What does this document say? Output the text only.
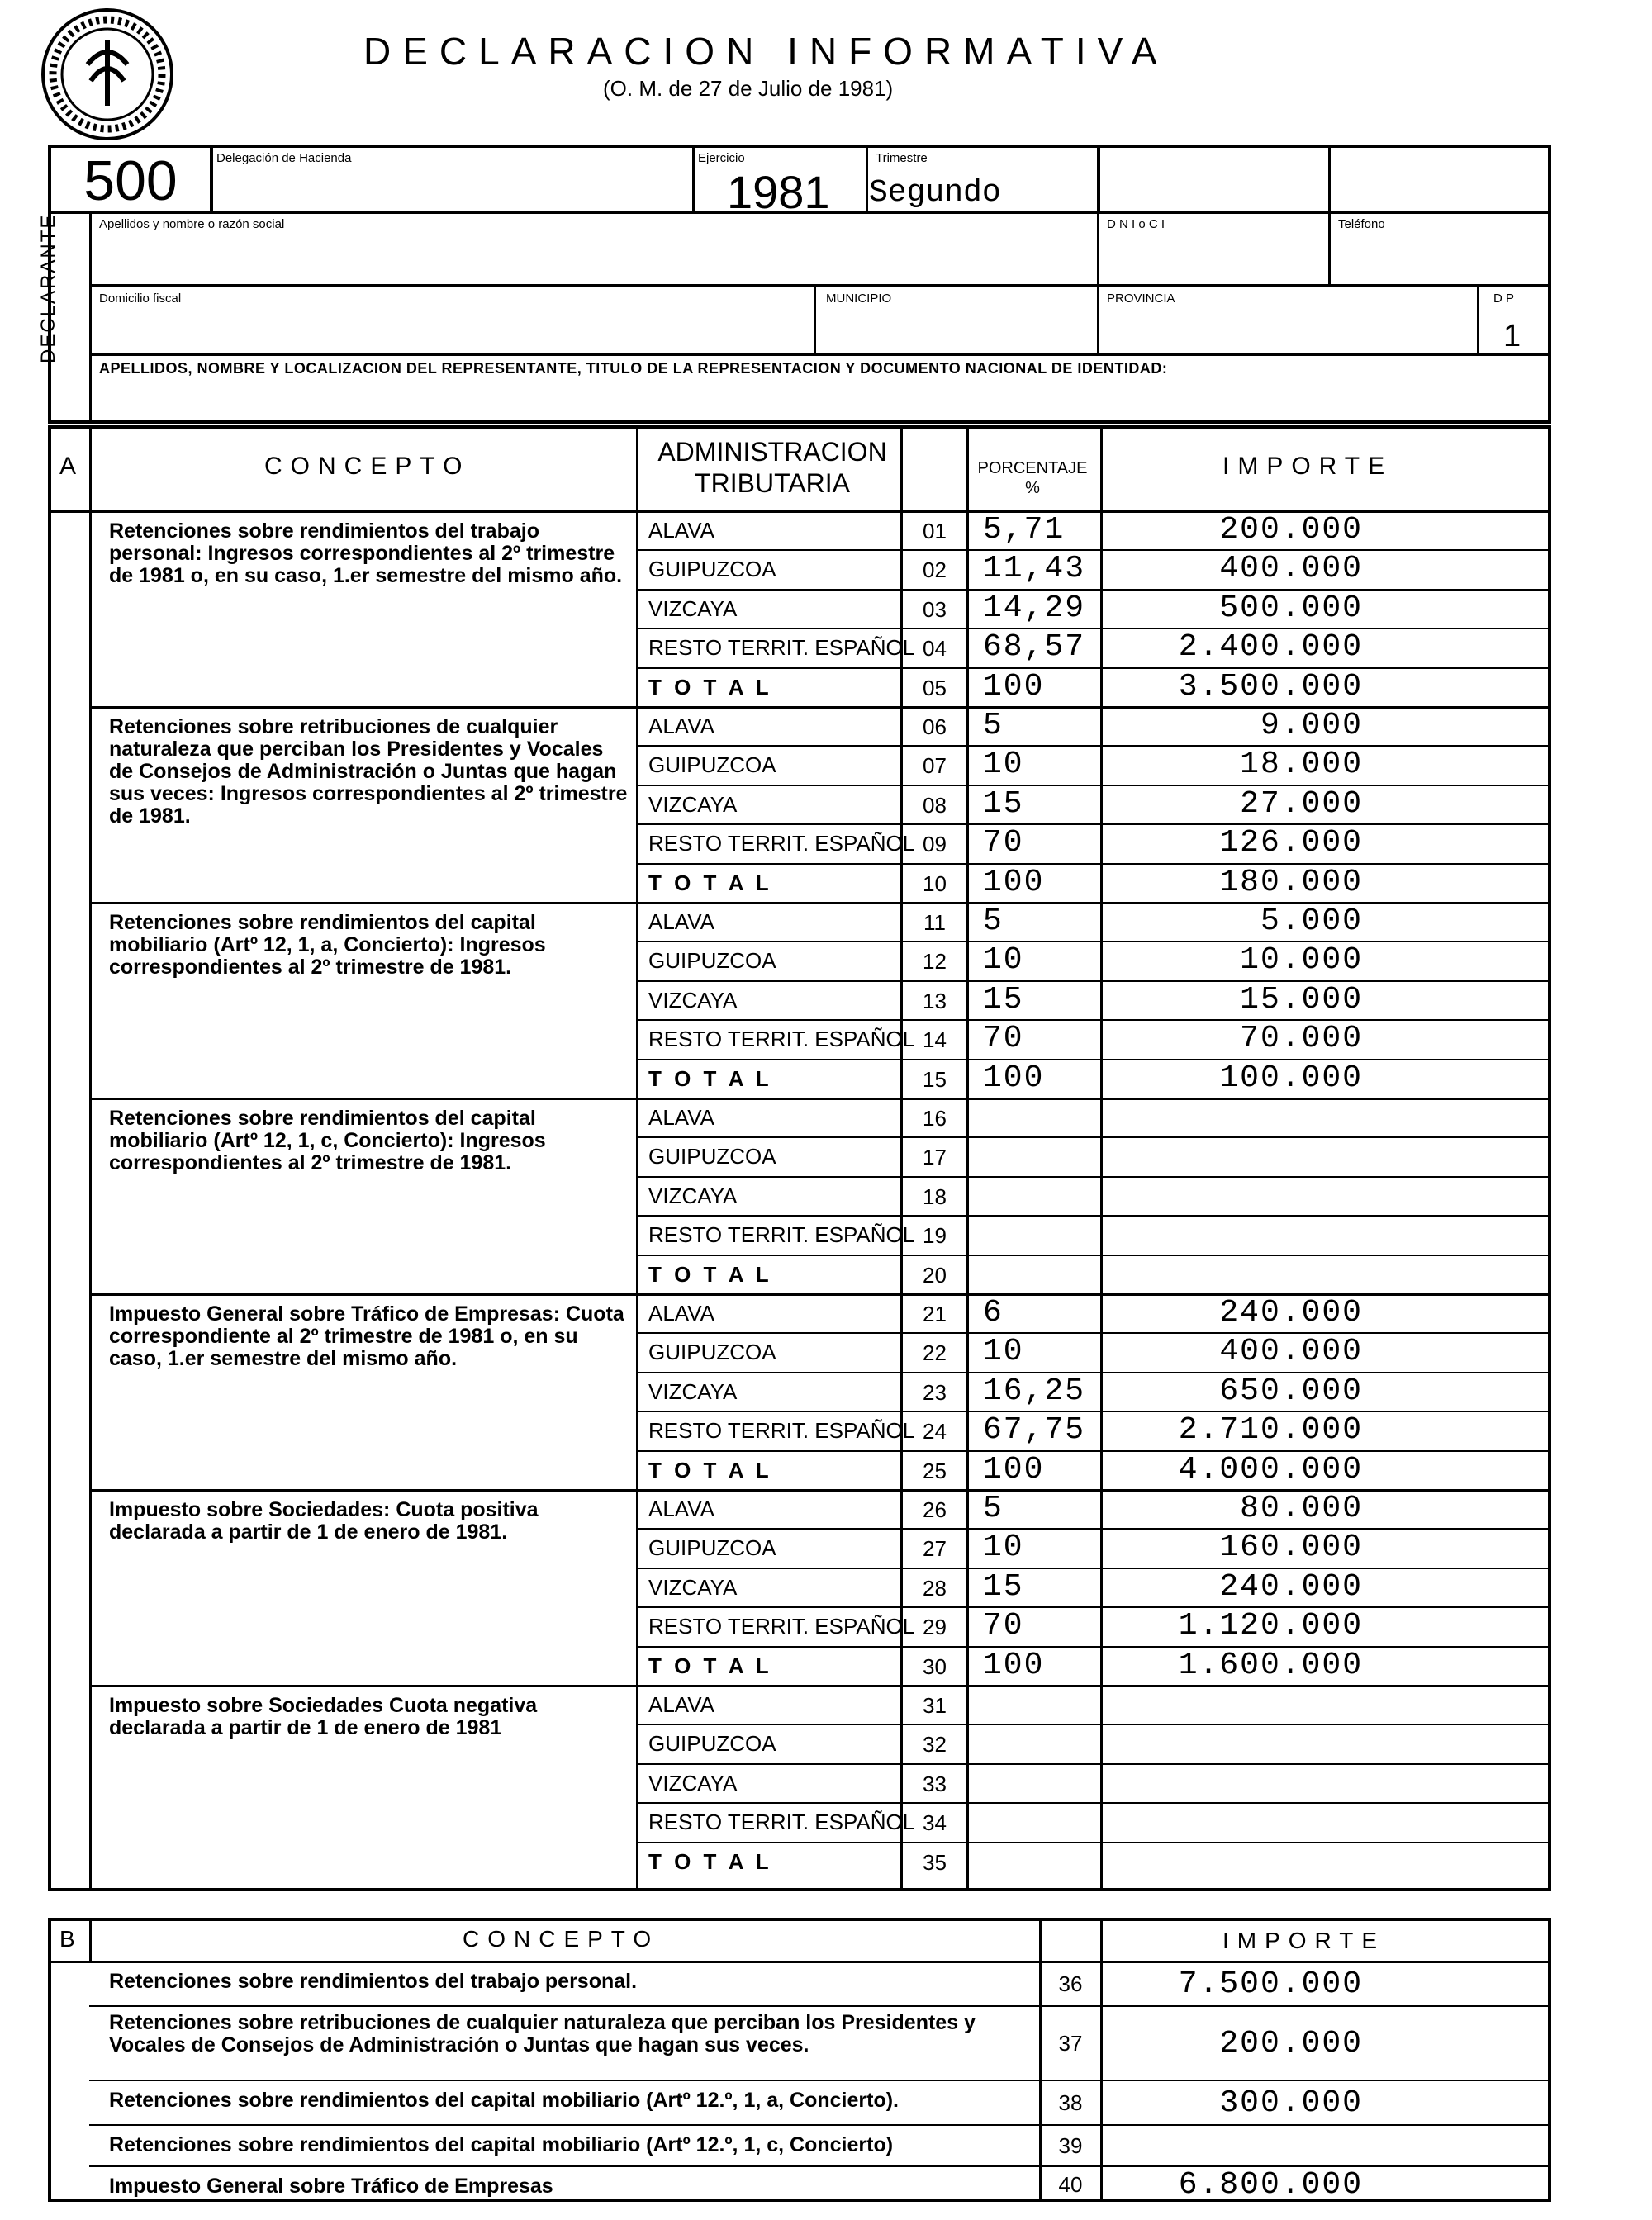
DECLARACION INFORMATIVA
(O. M. de 27 de Julio de 1981)
500	Delegación de Hacienda	Ejercicio
1981
Trimestre
Segundo
DECLARANTE	Apellidos y nombre o razón social	D N I o C I	Teléfono
Domicilio fiscal	MUNICIPIO	PROVINCIA	D P
1
APELLIDOS, NOMBRE Y LOCALIZACION DEL REPRESENTANTE, TITULO DE LA REPRESENTACION Y DOCUMENTO NACIONAL DE IDENTIDAD:
A	CONCEPTO	ADMINISTRACION TRIBUTARIA	PORCENTAJE %
IMPORTE
Retenciones sobre rendimientos del trabajo personal: Ingresos correspondientes al 2º trimestre de 1981 o, en su caso, 1.er semestre del mismo año.
ALAVA	01	5,71	200.000
GUIPUZCOA	02	11,43	400.000
VIZCAYA	03	14,29	500.000
RESTO TERRIT. ESPAÑOL 04	68,57	2.400.000
T O T A L	05	100	3.500.000
Retenciones sobre retribuciones de cualquier naturaleza que perciban los Presidentes y Vocales de Consejos de Administración o Juntas que hagan sus veces: Ingresos correspondientes al 2º trimestre de 1981.
ALAVA	06	5	9.000
GUIPUZCOA	07	10	18.000
VIZCAYA	08	15	27.000
RESTO TERRIT. ESPAÑOL 09	70	126.000
T O T A L	10	100	180.000
Retenciones sobre rendimientos del capital mobiliario (Artº 12, 1, a, Concierto): Ingresos correspondientes al 2º trimestre de 1981.
ALAVA	11	5	5.000
GUIPUZCOA	12	10	10.000
VIZCAYA	13	15	15.000
RESTO TERRIT. ESPAÑOL 14	70	70.000
T O T A L	15	100	100.000
Retenciones sobre rendimientos del capital mobiliario (Artº 12, 1, c, Concierto): Ingresos correspondientes al 2º trimestre de 1981.
ALAVA	16
GUIPUZCOA	17
VIZCAYA	18
RESTO TERRIT. ESPAÑOL 19
T O T A L	20
Impuesto General sobre Tráfico de Empresas: Cuota correspondiente al 2º trimestre de 1981 o, en su caso, 1.er semestre del mismo año.
ALAVA	21	6	240.000
GUIPUZCOA	22	10	400.000
VIZCAYA	23	16,25	650.000
RESTO TERRIT. ESPAÑOL 24	67,75	2.710.000
T O T A L	25	100	4.000.000
Impuesto sobre Sociedades: Cuota positiva declarada a partir de 1 de enero de 1981.
ALAVA	26	5	80.000
GUIPUZCOA	27	10	160.000
VIZCAYA	28	15	240.000
RESTO TERRIT. ESPAÑOL 29	70	1.120.000
T O T A L	30	100	1.600.000
Impuesto sobre Sociedades Cuota negativa declarada a partir de 1 de enero de 1981
ALAVA	31
GUIPUZCOA	32
VIZCAYA	33
RESTO TERRIT. ESPAÑOL 34
T O T A L	35
B	CONCEPTO	IMPORTE
Retenciones sobre rendimientos del trabajo personal.	36	7.500.000
Retenciones sobre retribuciones de cualquier naturaleza que perciban los Presidentes y Vocales de Consejos de Administración o Juntas que hagan sus veces.	37	200.000
Retenciones sobre rendimientos del capital mobiliario (Artº 12.º, 1, a, Concierto).	38	300.000
Retenciones sobre rendimientos del capital mobiliario (Artº 12.º, 1, c, Concierto)	39
Impuesto General sobre Tráfico de Empresas	40	6.800.000
